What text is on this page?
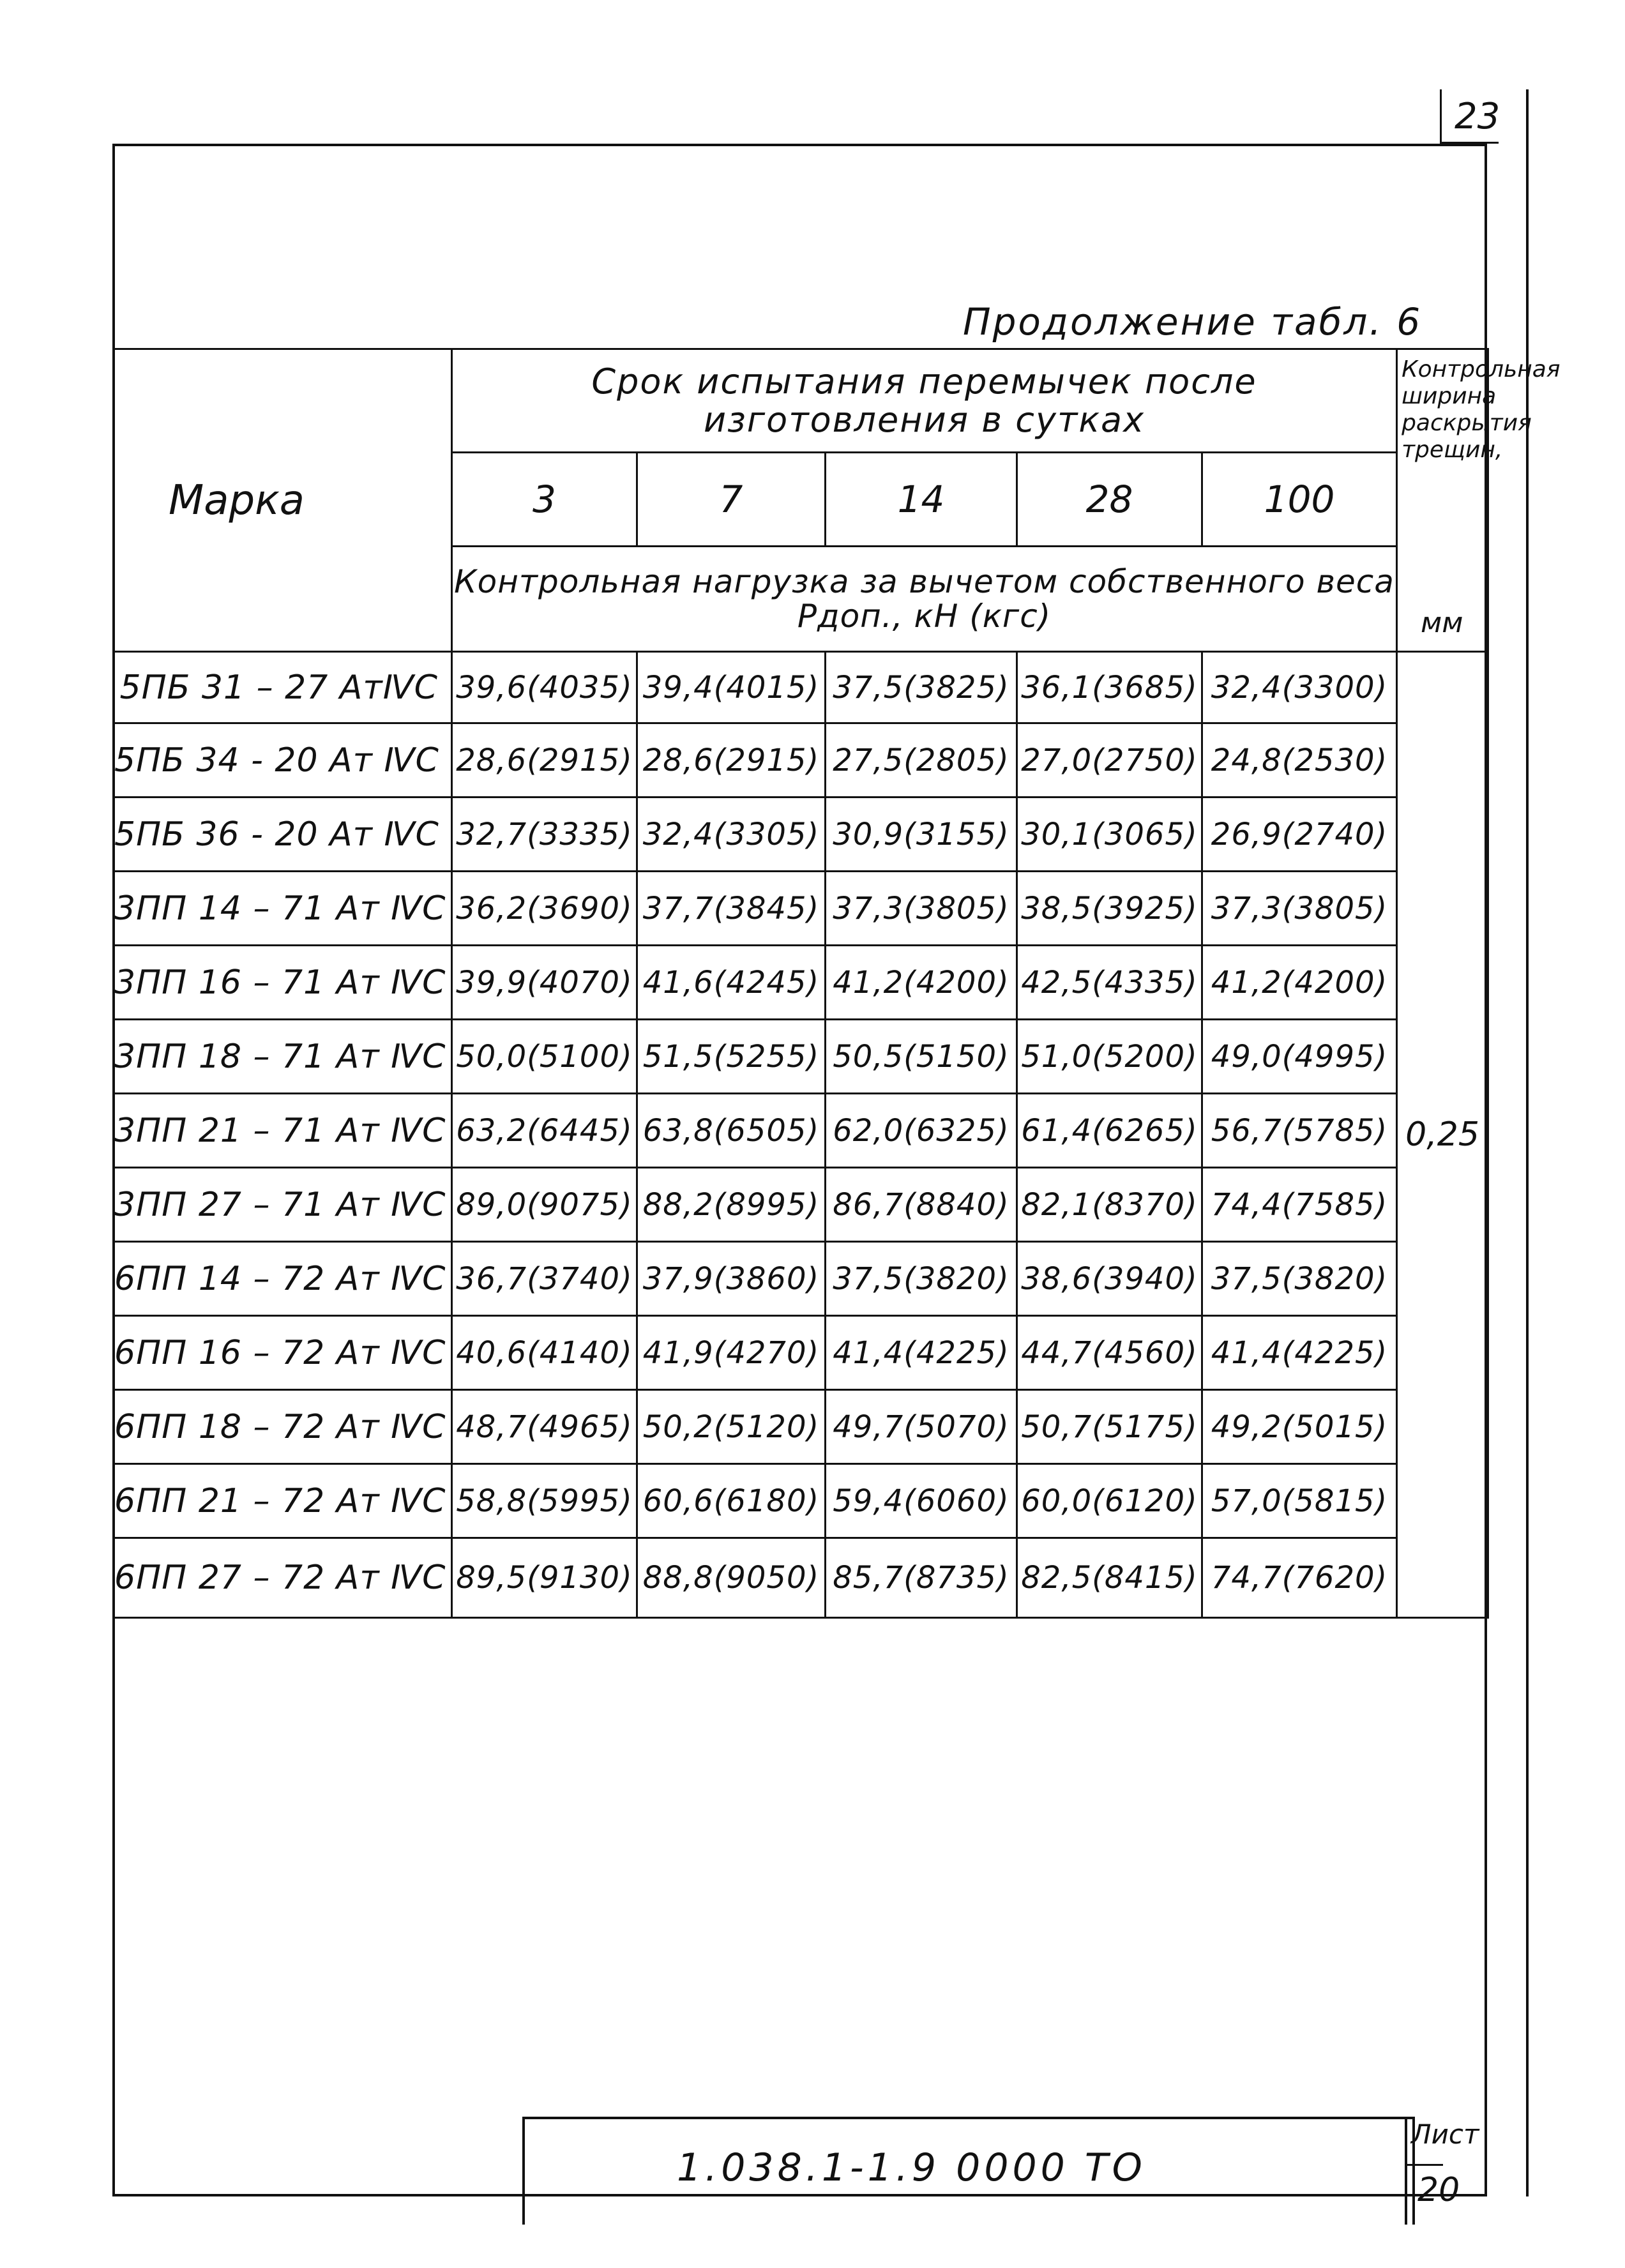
23
Продолжение табл. 6
Марка	Срок испытания перемычек после изготовления в сутках					Контрольная ширина раскрытия трещин,
	3	7	14	28	100	
	Контрольная нагрузка за вычетом собственного веса Pдоп., кН (кгс)					
5ПБ 31 – 27 АтⅣС	39,6(4035)	39,4(4015)	37,5(3825)	36,1(3685)	32,4(3300)	0,25
5ПБ 34 - 20 Ат ⅣС	28,6(2915)	28,6(2915)	27,5(2805)	27,0(2750)	24,8(2530)	
5ПБ 36 - 20 Ат ⅣС	32,7(3335)	32,4(3305)	30,9(3155)	30,1(3065)	26,9(2740)	
3ПП 14 – 71 Ат ⅣС	36,2(3690)	37,7(3845)	37,3(3805)	38,5(3925)	37,3(3805)	
3ПП 16 – 71 Ат ⅣС	39,9(4070)	41,6(4245)	41,2(4200)	42,5(4335)	41,2(4200)	
3ПП 18 – 71 Ат ⅣС	50,0(5100)	51,5(5255)	50,5(5150)	51,0(5200)	49,0(4995)	
3ПП 21 – 71 Ат ⅣС	63,2(6445)	63,8(6505)	62,0(6325)	61,4(6265)	56,7(5785)	
3ПП 27 – 71 Ат ⅣС	89,0(9075)	88,2(8995)	86,7(8840)	82,1(8370)	74,4(7585)	
6ПП 14 – 72 Ат ⅣС	36,7(3740)	37,9(3860)	37,5(3820)	38,6(3940)	37,5(3820)	
6ПП 16 – 72 Ат ⅣС	40,6(4140)	41,9(4270)	41,4(4225)	44,7(4560)	41,4(4225)	
6ПП 18 – 72 Ат ⅣС	48,7(4965)	50,2(5120)	49,7(5070)	50,7(5175)	49,2(5015)	
6ПП 21 – 72 Ат ⅣС	58,8(5995)	60,6(6180)	59,4(6060)	60,0(6120)	57,0(5815)	
6ПП 27 – 72 Ат ⅣС	89,5(9130)	88,8(9050)	85,7(8735)	82,5(8415)	74,7(7620)	
мм
1.038.1-1.9 0000 ТО
Лист
20
